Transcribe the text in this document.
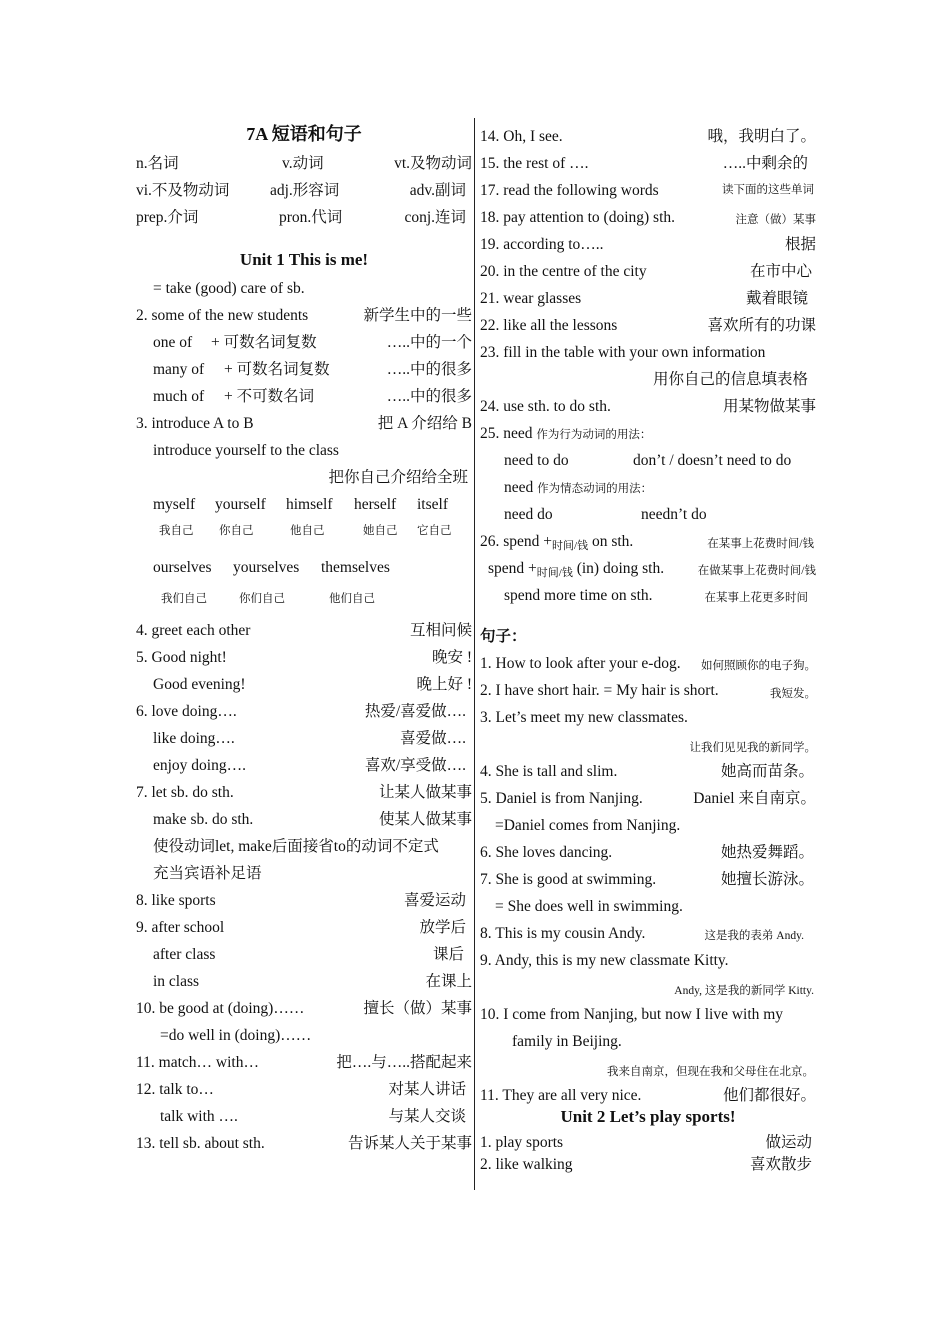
7A 短语和句子
n.名词	v.动词	vt.及物动词
vi.不及物动词	adj.形容词	adv.副词
prep.介词	pron.代词	conj.连词
Unit 1 This is me!
= take (good) care of sb.
2. some of the new students	新学生中的一些
one of + 可数名词复数	…..中的一个
many of + 可数名词复数	…..中的很多
much of + 不可数名词	…..中的很多
3. introduce A to B	把 A 介绍给 B
introduce yourself to the class
把你自己介绍给全班
myself yourself himself herself itself
我自己 你自己	他自己	她自己 它自己
ourselves yourselves themselves
我们自己	你们自己	他们自己
4. greet each other	互相问候
5. Good night!	晚安 !
Good evening!	晚上好 !
6. love doing….	热爱/喜爱做….
like doing….	喜爱做….
enjoy doing….	喜欢/享受做….
7. let sb. do sth.	让某人做某事
make sb. do sth.	使某人做某事
使役动词let, make后面接省to的动词不定式
充当宾语补足语
8. like sports	喜爱运动
9. after school	放学后
after class	课后
in class	在课上
10. be good at (doing)……	擅长（做）某事
=do well in (doing)……
11. match… with…	把….与…..搭配起来
12. talk to…	对某人讲话
talk with ….	与某人交谈
13. tell sb. about sth.	告诉某人关于某事
14. Oh, I see.	哦，我明白了。
15. the rest of ….	…..中剩余的
17. read the following words	读下面的这些单词
18. pay attention to (doing) sth.	注意（做）某事
19. according to…..	根据
20. in the centre of the city	在市中心
21. wear glasses	戴着眼镜
22. like all the lessons	喜欢所有的功课
23. fill in the table with your own information
用你自己的信息填表格
24. use sth. to do sth.	用某物做某事
25. need 作为行为动词的用法：
need to do	don’t / doesn’t need to do
need 作为情态动词的用法：
need do	needn’t do
26. spend $+_{时间/钱}$ on sth.	在某事上花费时间/钱
spend $+_{时间/钱}$ (in) doing sth.	在做某事上花费时间/钱
spend more time on sth.	在某事上花更多时间
句子：
1. How to look after your e-dog. 如何照顾你的电子狗。
2. I have short hair. = My hair is short.	我短发。
3. Let’s meet my new classmates.
让我们见见我的新同学。
4. She is tall and slim.	她高而苗条。
5. Daniel is from Nanjing.	Daniel 来自南京。
=Daniel comes from Nanjing.
6. She loves dancing.	她热爱舞蹈。
7. She is good at swimming.	她擅长游泳。
= She does well in swimming.
8. This is my cousin Andy.	这是我的表弟 Andy.
9. Andy, this is my new classmate Kitty.
Andy, 这是我的新同学 Kitty.
10. I come from Nanjing, but now I live with my
family in Beijing.
我来自南京，但现在我和父母住在北京。
11. They are all very nice.	他们都很好。
Unit 2 Let’s play sports!
1. play sports	做运动
2. like walking	喜欢散步
